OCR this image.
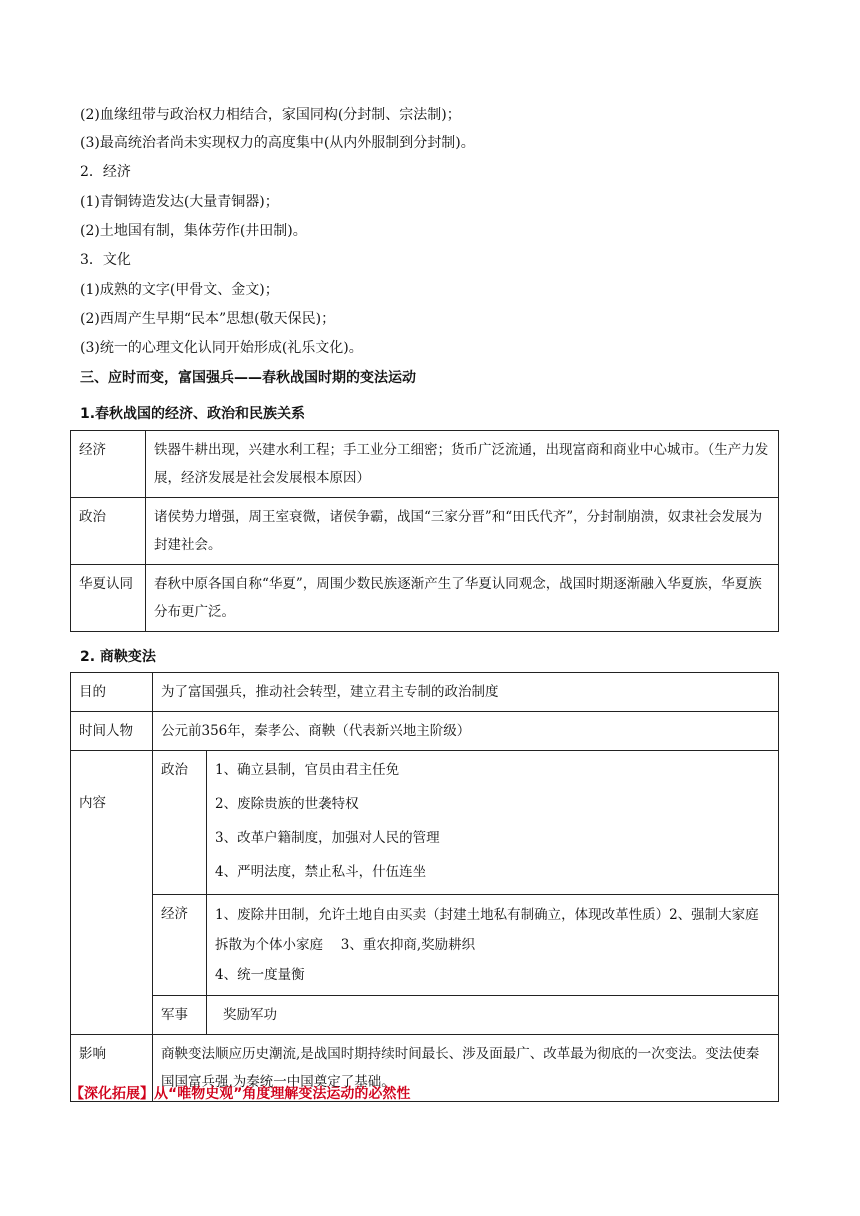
(2)血缘纽带与政治权力相结合，家国同构(分封制、宗法制)；
(3)最高统治者尚未实现权力的高度集中(从内外服制到分封制)。
2．经济
(1)青铜铸造发达(大量青铜器)；
(2)土地国有制，集体劳作(井田制)。
3．文化
(1)成熟的文字(甲骨文、金文)；
(2)西周产生早期“民本”思想(敬天保民)；
(3)统一的心理文化认同开始形成(礼乐文化)。
三、应时而变，富国强兵——春秋战国时期的变法运动
1.春秋战国的经济、政治和民族关系
经济	铁器牛耕出现，兴建水利工程；手工业分工细密；货币广泛流通，出现富商和商业中心城市。（生产力发展，经济发展是社会发展根本原因）
政治	诸侯势力增强，周王室衰微，诸侯争霸，战国“三家分晋”和“田氏代齐”，分封制崩溃，奴隶社会发展为封建社会。
华夏认同	春秋中原各国自称“华夏”，周围少数民族逐渐产生了华夏认同观念，战国时期逐渐融入华夏族，华夏族分布更广泛。
2. 商鞅变法
目的	为了富国强兵，推动社会转型，建立君主专制的政治制度	
时间人物	公元前356年，秦孝公、商鞅（代表新兴地主阶级）	
内容	政治	1、确立县制，官员由君主任免

2、废除贵族的世袭特权

3、改革户籍制度，加强对人民的管理

4、严明法度，禁止私斗，什伍连坐

	经济	1、废除井田制，允许土地自由买卖（封建土地私有制确立，体现改革性质）2、强制大家庭拆散为个体小家庭　 3、重农抑商,奖励耕织

4、统一度量衡

	军事	奖励军功
影响	商鞅变法顺应历史潮流,是战国时期持续时间最长、涉及面最广、改革最为彻底的一次变法。变法使秦国国富兵强,为秦统一中国奠定了基础。	
【深化拓展】从“唯物史观”角度理解变法运动的必然性
